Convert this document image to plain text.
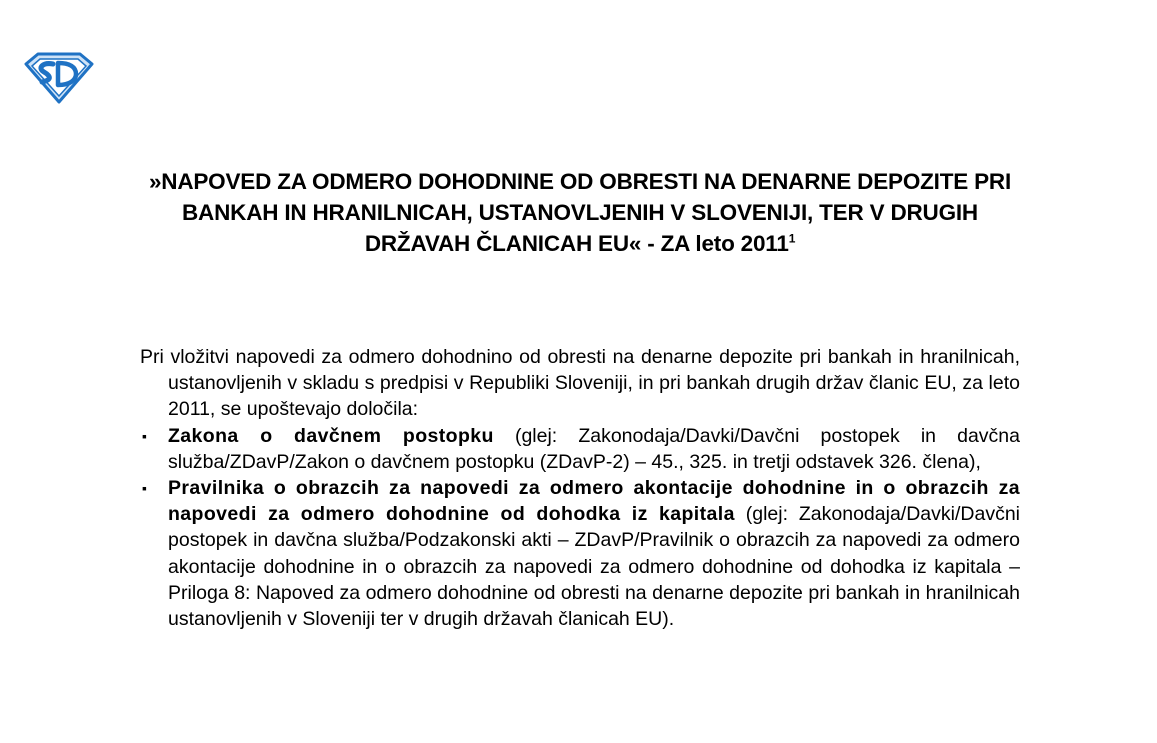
»NAPOVED ZA ODMERO DOHODNINE OD OBRESTI NA DENARNE DEPOZITE PRI BANKAH IN HRANILNICAH, USTANOVLJENIH V SLOVENIJI, TER V DRUGIH DRŽAVAH ČLANICAH EU« - ZA leto 2011$^1$

Pri vložitvi napovedi za odmero dohodnino od obresti na denarne depozite pri bankah in hranilnicah, ustanovljenih v skladu s predpisi v Republiki Sloveniji, in pri bankah drugih držav članic EU, za leto 2011, se upoštevajo določila:

▪ Zakona o davčnem postopku (glej: Zakonodaja/Davki/Davčni postopek in davčna služba/ZDavP/Zakon o davčnem postopku (ZDavP-2) – 45., 325. in tretji odstavek 326. člena),
▪ Pravilnika o obrazcih za napovedi za odmero akontacije dohodnine in o obrazcih za napovedi za odmero dohodnine od dohodka iz kapitala (glej: Zakonodaja/Davki/Davčni postopek in davčna služba/Podzakonski akti – ZDavP/Pravilnik o obrazcih za napovedi za odmero akontacije dohodnine in o obrazcih za napovedi za odmero dohodnine od dohodka iz kapitala – Priloga 8: Napoved za odmero dohodnine od obresti na denarne depozite pri bankah in hranilnicah ustanovljenih v Sloveniji ter v drugih državah članicah EU).
